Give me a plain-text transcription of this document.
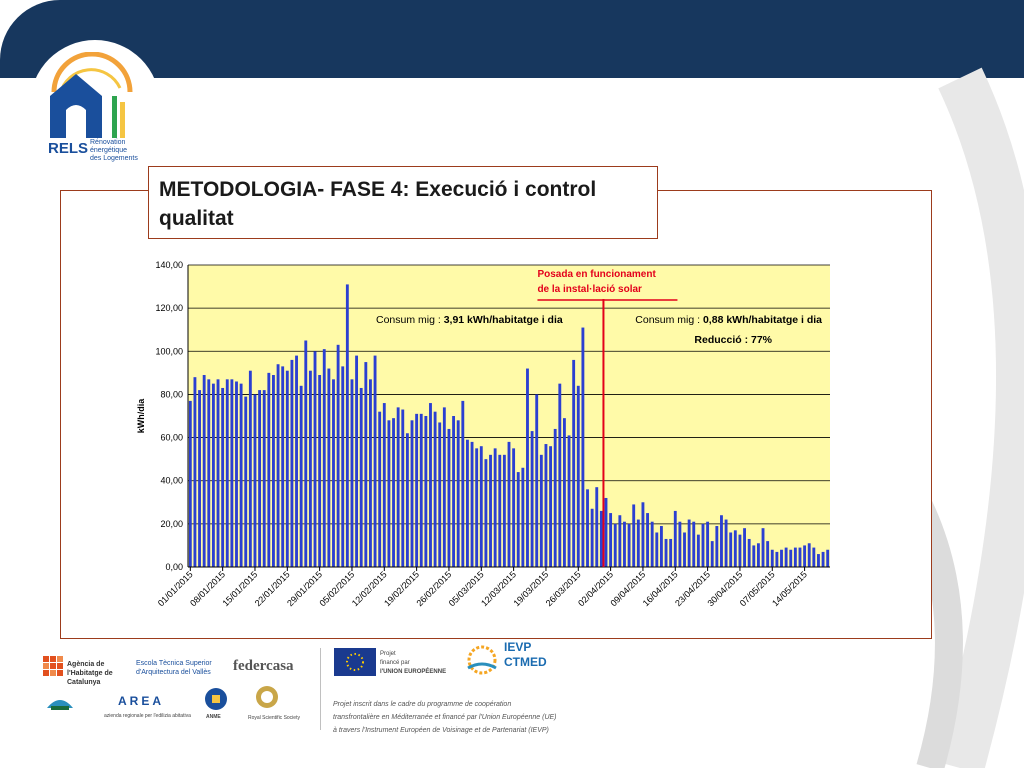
RELS Rénovation
énergétique
des Logements
METODOLOGIA- FASE 4: Execució i control qualitat
0,00
20,00
40,00
60,00
80,00
100,00
120,00
140,00
kWh/dia
01/01/2015
08/01/2015
15/01/2015
22/01/2015
29/01/2015
05/02/2015
12/02/2015
19/02/2015
26/02/2015
05/03/2015
12/03/2015
19/03/2015
26/03/2015
02/04/2015
09/04/2015
16/04/2015
23/04/2015
30/04/2015
07/05/2015
14/05/2015
Posada en funcionament
de la instal·lació solar
Consum mig : 3,91 kWh/habitatge i dia	Consum mig : 0,88 kWh/habitatge i dia
Reducció : 77%
Agència de l'Habitatge de Catalunya
Escola Tècnica Superior d'Arquitectura del Vallès	federcasa
AREA
azienda regionale per l'edilizia abitativa	ANME	Royal Scientific Society
Projet
financé par
l'UNION EUROPÉENNE
IEVP
CTMED
Projet inscrit dans le cadre du programme de coopération
transfrontalière en Méditerranée et financé par l'Union Européenne (UE)
à travers l'Instrument Européen de Voisinage et de Partenariat (IEVP)
